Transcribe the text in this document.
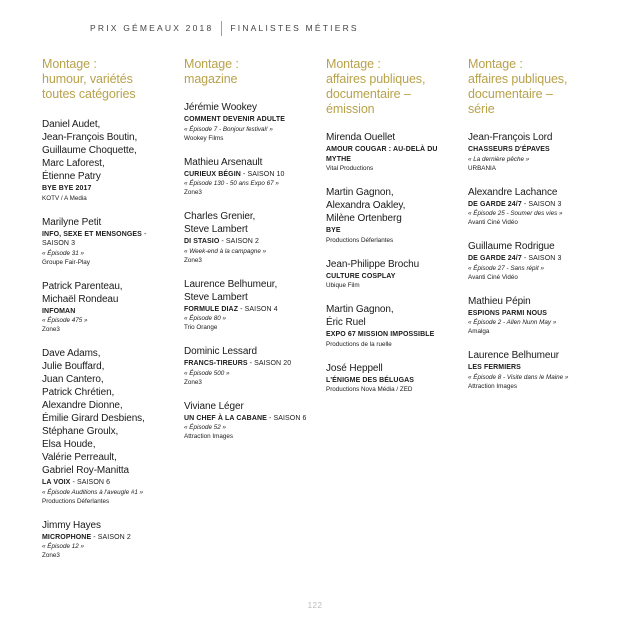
PRIX GÉMEAUX 2018 FINALISTES MÉTIERS
Montage :
humour, variétés
toutes catégories
Daniel Audet,
Jean-François Boutin,
Guillaume Choquette,
Marc Laforest,
Étienne Patry
BYE BYE 2017
KOTV / A Media
Marilyne Petit
INFO, SEXE ET MENSONGES - SAISON 3
« Épisode 31 »
Groupe Fair-Play
Patrick Parenteau,
Michaël Rondeau
INFOMAN
« Épisode 475 »
Zone3
Dave Adams,
Julie Bouffard,
Juan Cantero,
Patrick Chrétien,
Alexandre Dionne,
Émilie Girard Desbiens,
Stéphane Groulx,
Elsa Houde,
Valérie Perreault,
Gabriel Roy-Manitta
LA VOIX - SAISON 6
« Épisode Auditions à l'aveugle #1 »
Productions Déferlantes
Jimmy Hayes
MICROPHONE - SAISON 2
« Épisode 12 »
Zone3
Montage :
magazine
Jérémie Wookey
COMMENT DEVENIR ADULTE
« Épisode 7 - Bonjour festival! »
Wookey Films
Mathieu Arsenault
CURIEUX BÉGIN - SAISON 10
« Épisode 130 - 50 ans Expo 67 »
Zone3
Charles Grenier,
Steve Lambert
DI STASIO - SAISON 2
« Week-end à la campagne »
Zone3
Laurence Belhumeur,
Steve Lambert
FORMULE DIAZ - SAISON 4
« Épisode 80 »
Trio Orange
Dominic Lessard
FRANCS-TIREURS - SAISON 20
« Épisode 500 »
Zone3
Viviane Léger
UN CHEF À LA CABANE - SAISON 6
« Épisode 52 »
Attraction Images
Montage :
affaires publiques,
documentaire –
émission
Mirenda Ouellet
AMOUR COUGAR : AU-DELÀ DU MYTHE
Vital Productions
Martin Gagnon,
Alexandra Oakley,
Milène Ortenberg
BYE
Productions Déferlantes
Jean-Philippe Brochu
CULTURE COSPLAY
Ubique Film
Martin Gagnon,
Éric Ruel
EXPO 67 MISSION IMPOSSIBLE
Productions de la ruelle
José Heppell
L'ÉNIGME DES BÉLUGAS
Productions Nova Média / ZED
Montage :
affaires publiques,
documentaire –
série
Jean-François Lord
CHASSEURS D'ÉPAVES
« La dernière pêche »
URBANIA
Alexandre Lachance
DE GARDE 24/7 - SAISON 3
« Épisode 25 - Soumer des vies »
Avanti Ciné Vidéo
Guillaume Rodrigue
DE GARDE 24/7 - SAISON 3
« Épisode 27 - Sans répit »
Avanti Ciné Vidéo
Mathieu Pépin
ESPIONS PARMI NOUS
« Épisode 2 - Allen Nunn May »
Amalga
Laurence Belhumeur
LES FERMIERS
« Épisode 8 - Visite dans le Maine »
Attraction Images
122
